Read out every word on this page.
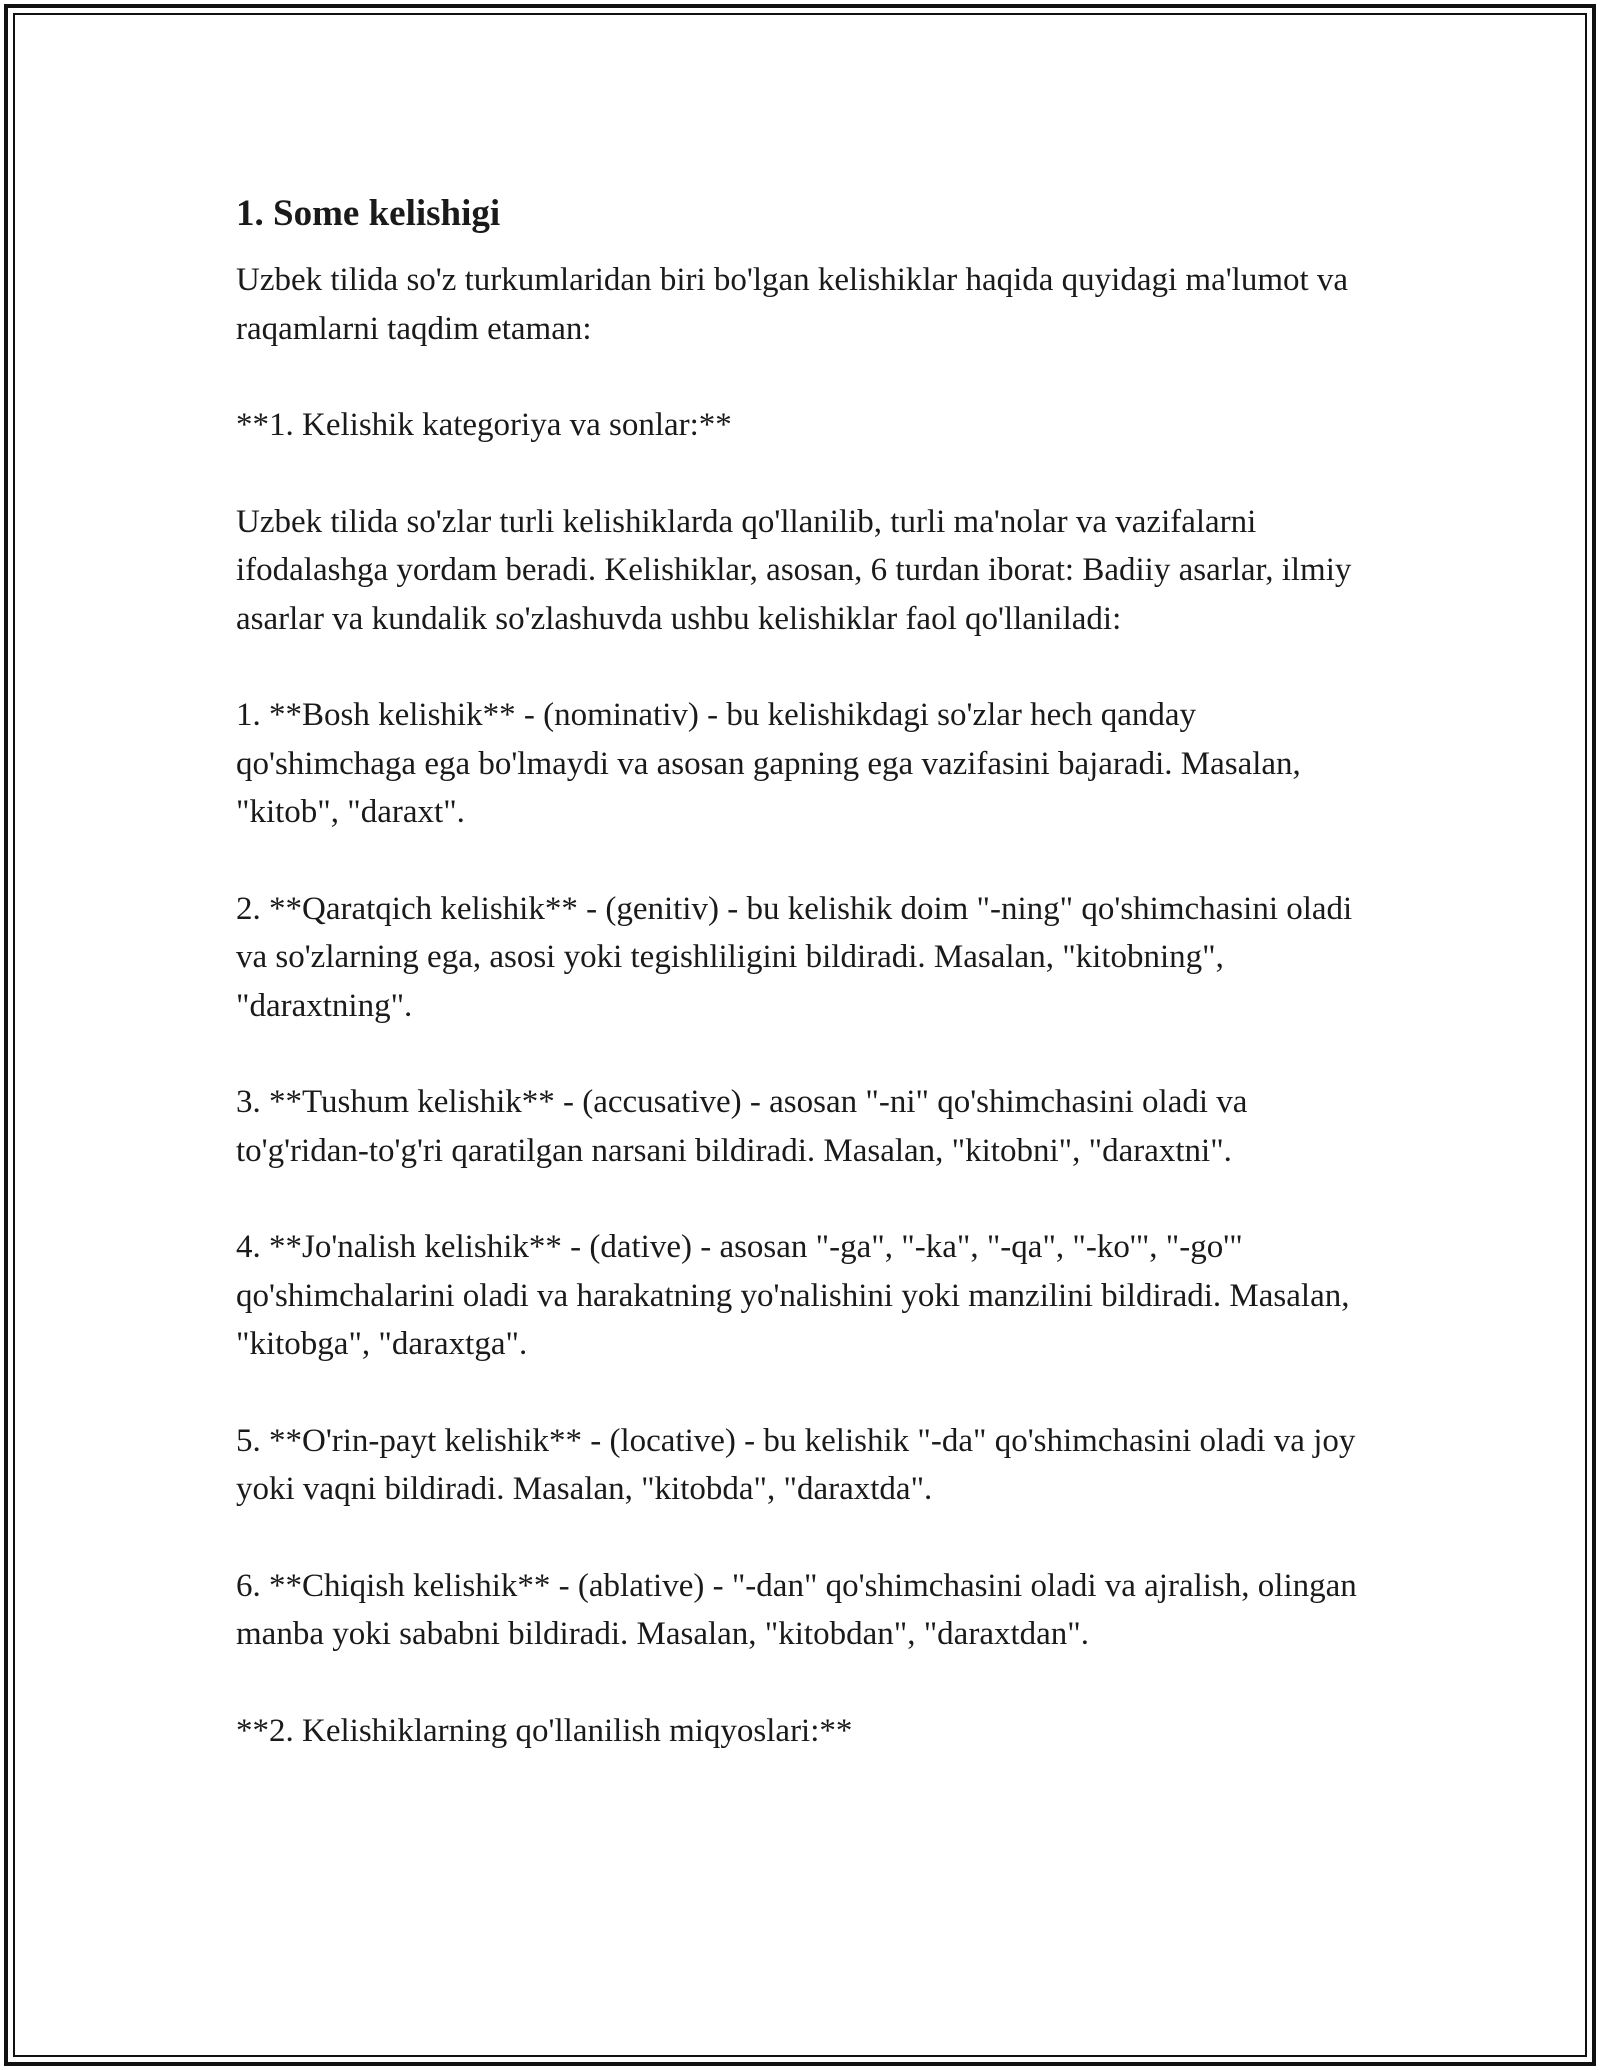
1. Some kelishigi

Uzbek tilida so'z turkumlaridan biri bo'lgan kelishiklar haqida quyidagi ma'lumot va raqamlarni taqdim etaman:

**1. Kelishik kategoriya va sonlar:**

Uzbek tilida so'zlar turli kelishiklarda qo'llanilib, turli ma'nolar va vazifalarni ifodalashga yordam beradi. Kelishiklar, asosan, 6 turdan iborat: Badiiy asarlar, ilmiy asarlar va kundalik so'zlashuvda ushbu kelishiklar faol qo'llaniladi:

1. **Bosh kelishik** - (nominativ) - bu kelishikdagi so'zlar hech qanday qo'shimchaga ega bo'lmaydi va asosan gapning ega vazifasini bajaradi. Masalan, "kitob", "daraxt".

2. **Qaratqich kelishik** - (genitiv) - bu kelishik doim "-ning" qo'shimchasini oladi va so'zlarning ega, asosi yoki tegishliligini bildiradi. Masalan, "kitobning", "daraxtning".

3. **Tushum kelishik** - (accusative) - asosan "-ni" qo'shimchasini oladi va to'g'ridan-to'g'ri qaratilgan narsani bildiradi. Masalan, "kitobni", "daraxtni".

4. **Jo'nalish kelishik** - (dative) - asosan "-ga", "-ka", "-qa", "-ko'", "-go'" qo'shimchalarini oladi va harakatning yo'nalishini yoki manzilini bildiradi. Masalan, "kitobga", "daraxtga".

5. **O'rin-payt kelishik** - (locative) - bu kelishik "-da" qo'shimchasini oladi va joy yoki vaqni bildiradi. Masalan, "kitobda", "daraxtda".

6. **Chiqish kelishik** - (ablative) - "-dan" qo'shimchasini oladi va ajralish, olingan manba yoki sababni bildiradi. Masalan, "kitobdan", "daraxtdan".

**2. Kelishiklarning qo'llanilish miqyoslari:**
